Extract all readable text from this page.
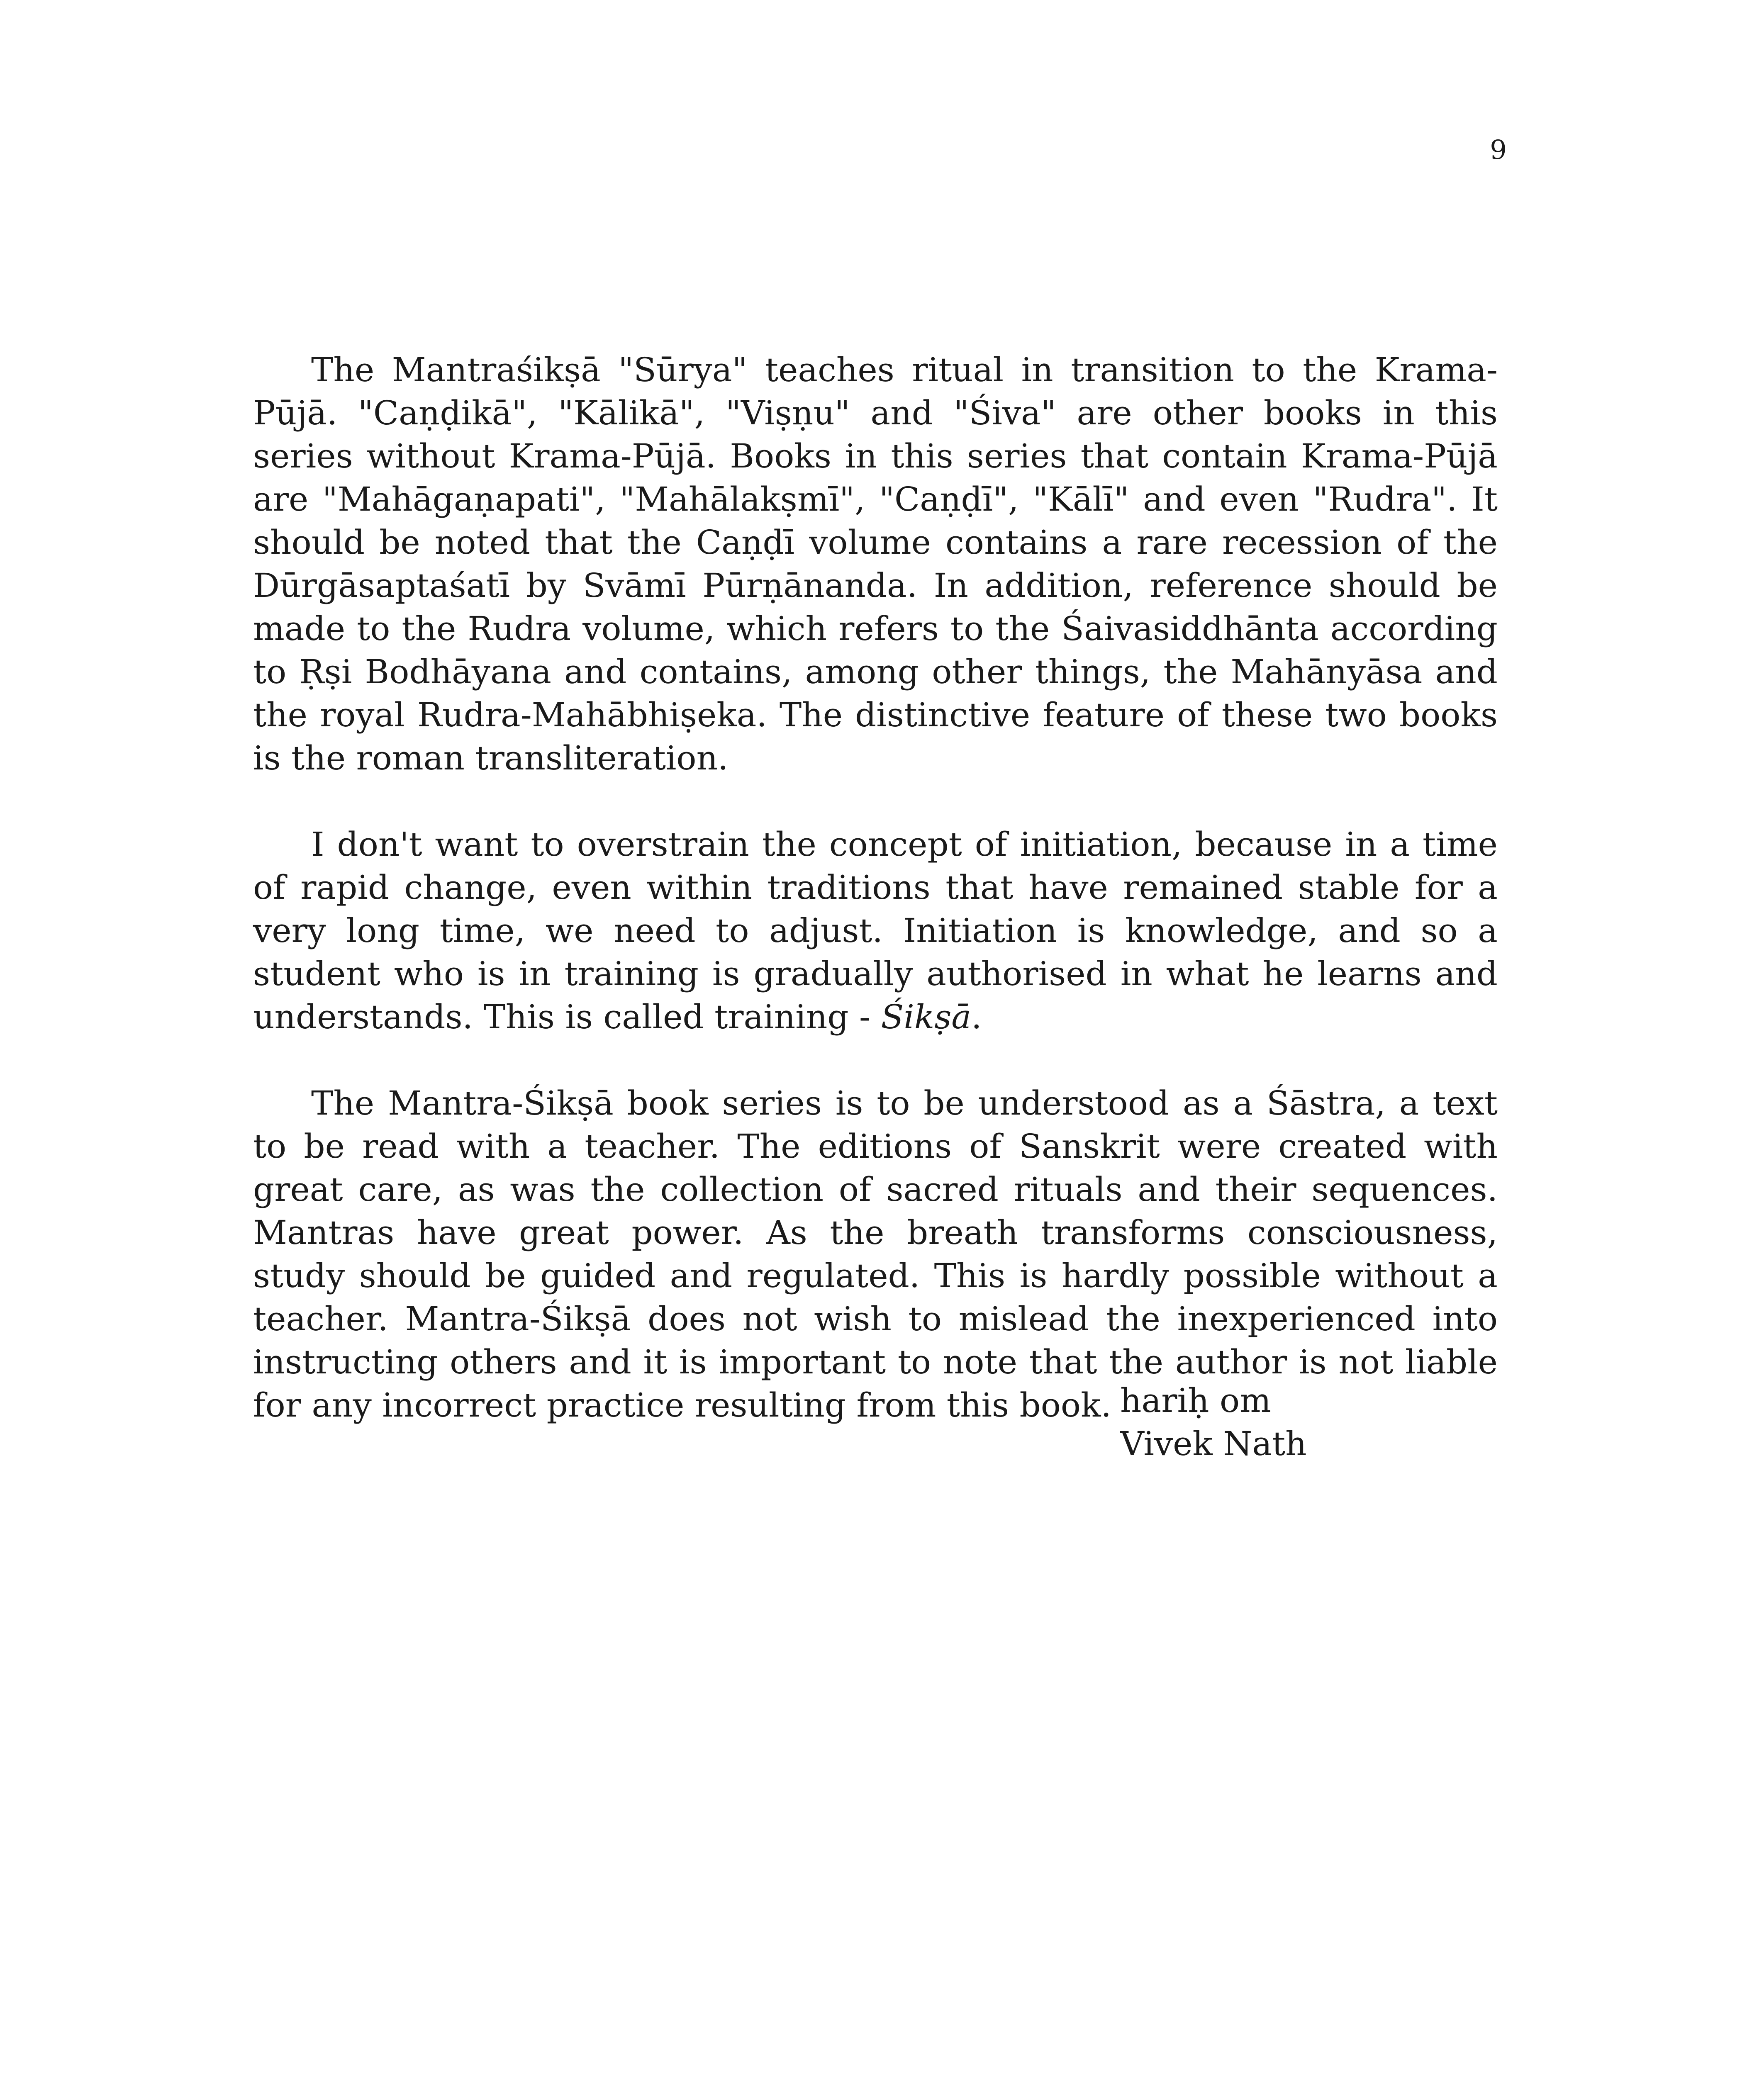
9

The Mantraśikṣā "Sūrya" teaches ritual in transition to the Krama-Pūjā. "Caṇḍikā", "Kālikā", "Viṣṇu" and "Śiva" are other books in this series without Krama-Pūjā. Books in this series that contain Krama-Pūjā are "Mahāgaṇapati", "Mahālakṣmī", "Caṇḍī", "Kālī" and even "Rudra". It should be noted that the Caṇḍī volume contains a rare recession of the Dūrgāsaptaśatī by Svāmī Pūrṇānanda. In addition, reference should be made to the Rudra volume, which refers to the Śaivasiddhānta according to Ṛṣi Bodhāyana and contains, among other things, the Mahānyāsa and the royal Rudra-Mahābhiṣeka. The distinctive feature of these two books is the roman transliteration.

I don't want to overstrain the concept of initiation, because in a time of rapid change, even within traditions that have remained stable for a very long time, we need to adjust. Initiation is knowledge, and so a student who is in training is gradually authorised in what he learns and understands. This is called training - Śikṣā.

The Mantra-Śikṣā book series is to be understood as a Śāstra, a text to be read with a teacher. The editions of Sanskrit were created with great care, as was the collection of sacred rituals and their sequences. Mantras have great power. As the breath transforms consciousness, study should be guided and regulated. This is hardly possible without a teacher. Mantra-Śikṣā does not wish to mislead the inexperienced into instructing others and it is important to note that the author is not liable for any incorrect practice resulting from this book. hariḥ om
Vivek Nath
